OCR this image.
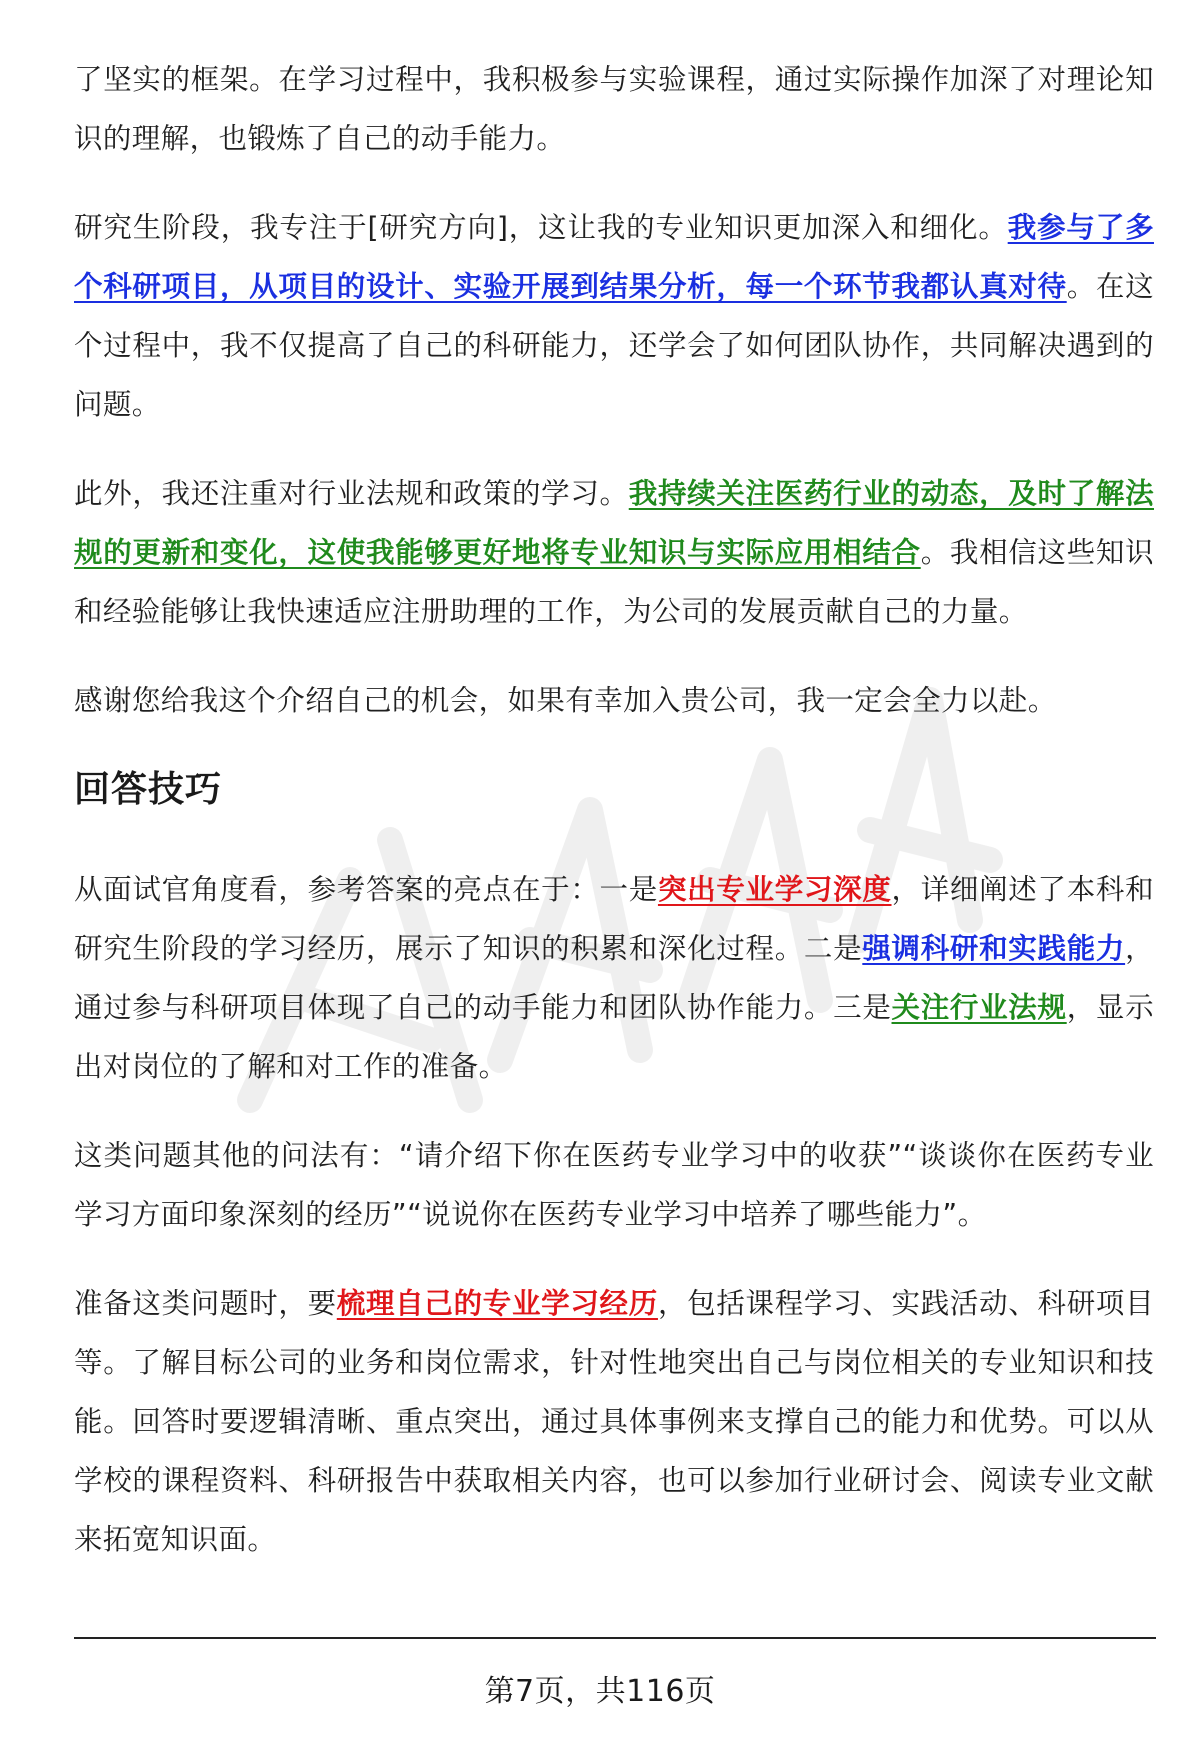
了坚实的框架。在学习过程中，我积极参与实验课程，通过实际操作加深了对理论知识的理解，也锻炼了自己的动手能力。

研究生阶段，我专注于[研究方向]，这让我的专业知识更加深入和细化。我参与了多个科研项目，从项目的设计、实验开展到结果分析，每一个环节我都认真对待。在这个过程中，我不仅提高了自己的科研能力，还学会了如何团队协作，共同解决遇到的问题。

此外，我还注重对行业法规和政策的学习。我持续关注医药行业的动态，及时了解法规的更新和变化，这使我能够更好地将专业知识与实际应用相结合。我相信这些知识和经验能够让我快速适应注册助理的工作，为公司的发展贡献自己的力量。

感谢您给我这个介绍自己的机会，如果有幸加入贵公司，我一定会全力以赴。

回答技巧

从面试官角度看，参考答案的亮点在于：一是突出专业学习深度，详细阐述了本科和研究生阶段的学习经历，展示了知识的积累和深化过程。二是强调科研和实践能力，通过参与科研项目体现了自己的动手能力和团队协作能力。三是关注行业法规，显示出对岗位的了解和对工作的准备。

这类问题其他的问法有：“请介绍下你在医药专业学习中的收获”“谈谈你在医药专业学习方面印象深刻的经历”“说说你在医药专业学习中培养了哪些能力”。

准备这类问题时，要梳理自己的专业学习经历，包括课程学习、实践活动、科研项目等。了解目标公司的业务和岗位需求，针对性地突出自己与岗位相关的专业知识和技能。回答时要逻辑清晰、重点突出，通过具体事例来支撑自己的能力和优势。可以从学校的课程资料、科研报告中获取相关内容，也可以参加行业研讨会、阅读专业文献来拓宽知识面。

第7页，共116页
